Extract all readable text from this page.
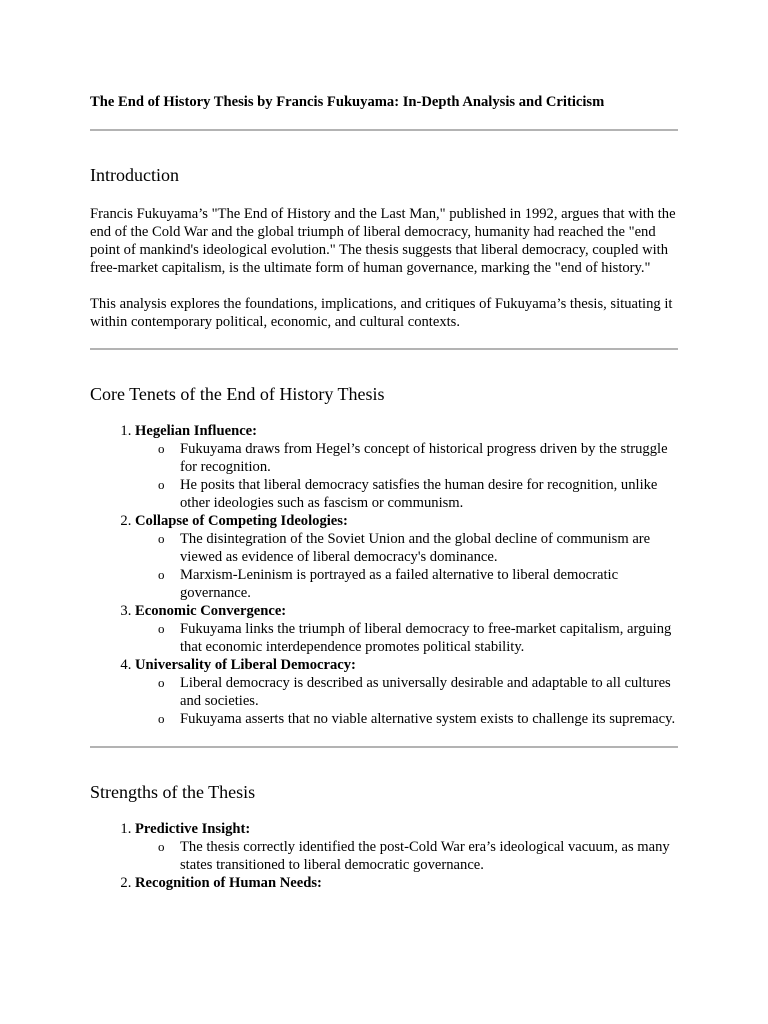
The End of History Thesis by Francis Fukuyama: In-Depth Analysis and Criticism
Introduction

Francis Fukuyama’s "The End of History and the Last Man," published in 1992, argues that with the end of the Cold War and the global triumph of liberal democracy, humanity had reached the "end point of mankind's ideological evolution." The thesis suggests that liberal democracy, coupled with free-market capitalism, is the ultimate form of human governance, marking the "end of history."

This analysis explores the foundations, implications, and critiques of Fukuyama’s thesis, situating it within contemporary political, economic, and cultural contexts.

Core Tenets of the End of History Thesis
1. Hegelian Influence:
o Fukuyama draws from Hegel’s concept of historical progress driven by the struggle for recognition.
o He posits that liberal democracy satisfies the human desire for recognition, unlike other ideologies such as fascism or communism.
2. Collapse of Competing Ideologies:
o The disintegration of the Soviet Union and the global decline of communism are viewed as evidence of liberal democracy's dominance.
o Marxism-Leninism is portrayed as a failed alternative to liberal democratic governance.
3. Economic Convergence:
o Fukuyama links the triumph of liberal democracy to free-market capitalism, arguing that economic interdependence promotes political stability.
4. Universality of Liberal Democracy:
o Liberal democracy is described as universally desirable and adaptable to all cultures and societies.
o Fukuyama asserts that no viable alternative system exists to challenge its supremacy.
Strengths of the Thesis
1. Predictive Insight:
o The thesis correctly identified the post-Cold War era’s ideological vacuum, as many states transitioned to liberal democratic governance.
2. Recognition of Human Needs:
